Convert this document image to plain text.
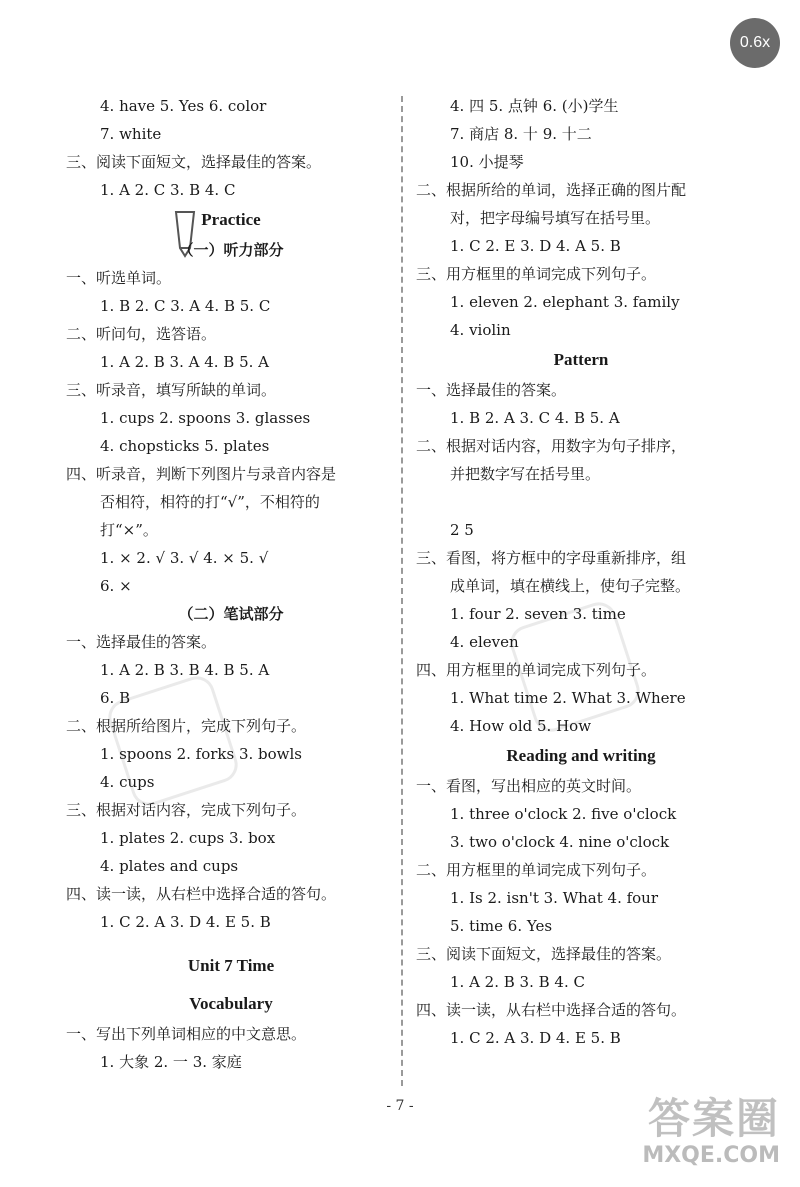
0.6x
4. have 5. Yes 6. color
7. white
三、阅读下面短文，选择最佳的答案。
1. A 2. C 3. B 4. C
Practice
（一）听力部分
一、听选单词。
1. B 2. C 3. A 4. B 5. C
二、听问句，选答语。
1. A 2. B 3. A 4. B 5. A
三、听录音，填写所缺的单词。
1. cups 2. spoons 3. glasses
4. chopsticks 5. plates
四、听录音，判断下列图片与录音内容是
否相符，相符的打“√”，不相符的
打“×”。
1. × 2. √ 3. √ 4. × 5. √
6. ×
（二）笔试部分
一、选择最佳的答案。
1. A 2. B 3. B 4. B 5. A
6. B
二、根据所给图片，完成下列句子。
1. spoons 2. forks 3. bowls
4. cups
三、根据对话内容，完成下列句子。
1. plates 2. cups 3. box
4. plates and cups
四、读一读，从右栏中选择合适的答句。
1. C 2. A 3. D 4. E 5. B
Unit 7 Time
Vocabulary
一、写出下列单词相应的中文意思。
1. 大象 2. 一 3. 家庭
4. 四 5. 点钟 6. (小)学生
7. 商店 8. 十 9. 十二
10. 小提琴
二、根据所给的单词，选择正确的图片配
对，把字母编号填写在括号里。
1. C 2. E 3. D 4. A 5. B
三、用方框里的单词完成下列句子。
1. eleven 2. elephant 3. family
4. violin
Pattern
一、选择最佳的答案。
1. B 2. A 3. C 4. B 5. A
二、根据对话内容，用数字为句子排序，
并把数字写在括号里。
2 5
三、看图，将方框中的字母重新排序，组
成单词，填在横线上，使句子完整。
1. four 2. seven 3. time
4. eleven
四、用方框里的单词完成下列句子。
1. What time 2. What 3. Where
4. How old 5. How
Reading and writing
一、看图，写出相应的英文时间。
1. three o'clock 2. five o'clock
3. two o'clock 4. nine o'clock
二、用方框里的单词完成下列句子。
1. Is 2. isn't 3. What 4. four
5. time 6. Yes
三、阅读下面短文，选择最佳的答案。
1. A 2. B 3. B 4. C
四、读一读，从右栏中选择合适的答句。
1. C 2. A 3. D 4. E 5. B
- 7 -	答案圈
MXQE.COM
